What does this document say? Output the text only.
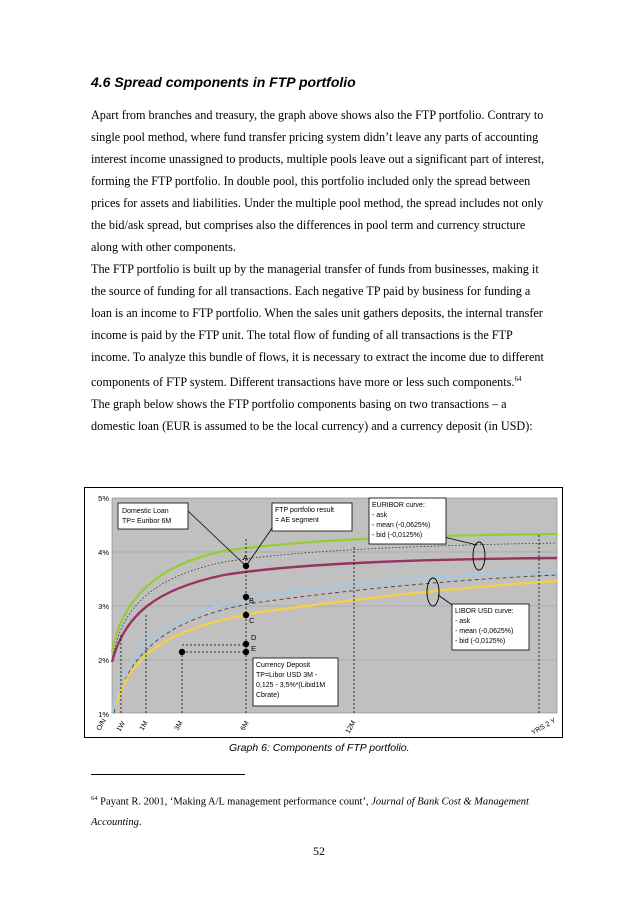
4.6 Spread components in FTP portfolio

Apart from branches and treasury, the graph above shows also the FTP portfolio. Contrary to single pool method, where fund transfer pricing system didn’t leave any parts of accounting interest income unassigned to products, multiple pools leave out a significant part of interest, forming the FTP portfolio. In double pool, this portfolio included only the spread between prices for assets and liabilities. Under the multiple pool method, the spread includes not only the bid/ask spread, but comprises also the differences in pool term and currency structure along with other components.

The FTP portfolio is built up by the managerial transfer of funds from businesses, making it the source of funding for all transactions. Each negative TP paid by business for funding a loan is an income to FTP portfolio. When the sales unit gathers deposits, the internal transfer income is paid by the FTP unit. The total flow of funding of all transactions is the FTP income. To analyze this bundle of flows, it is necessary to extract the income due to different components of FTP system. Different transactions have more or less such components.$^{64}$

The graph below shows the FTP portfolio components basing on two transactions – a domestic loan (EUR is assumed to be the local currency) and a currency deposit (in USD):

5%
4%
3%
2%
1%
A
B
C
D
E
Domestic Loan
TP= Euribor 6M
FTP portfolio result
= AE segment
EURIBOR curve:
- ask
- mean (-0,0625%)
- bid (-0,0125%)
LIBOR USD curve:
- ask
- mean (-0,0625%)
- bid (-0,0125%)
Currency Deposit
TP=Libor USD 3M -
0,125 - 3,5%*(Libid1M
Cbrate)
O/N 1W 1M	3M	6M	12M	YRS 2 Y
Graph 6: Components of FTP portfolio.
$^{64}$ Payant R. 2001, ‘Making A/L management performance count’, Journal of Bank Cost & Management Accounting.
52
